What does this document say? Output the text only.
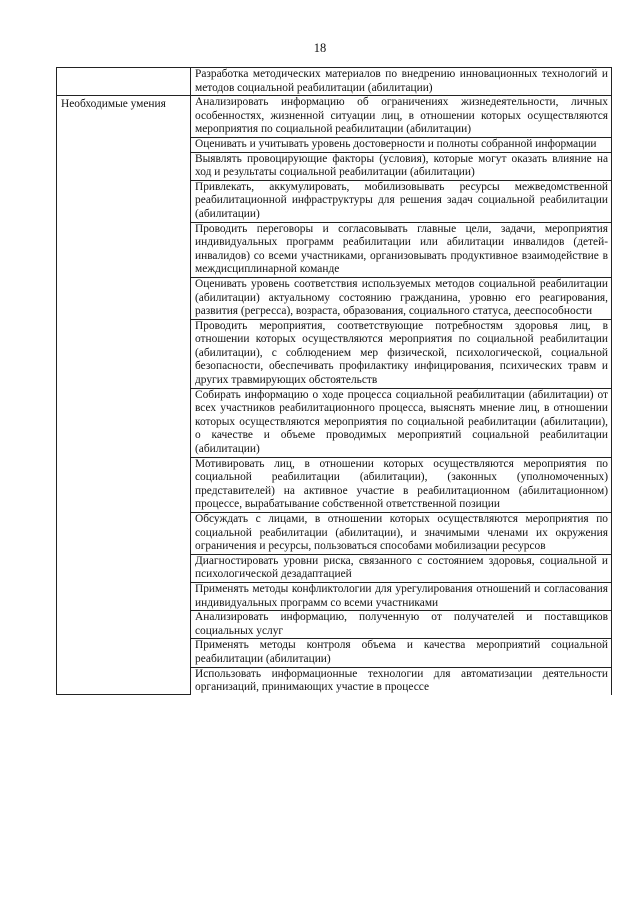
18
	Разработка методических материалов по внедрению инновационных технологий и методов социальной реабилитации (абилитации)
Необходимые умения	Анализировать информацию об ограничениях жизнедеятельности, личных особенностях, жизненной ситуации лиц, в отношении которых осуществляются мероприятия по социальной реабилитации (абилитации)
	Оценивать и учитывать уровень достоверности и полноты собранной информации
	Выявлять провоцирующие факторы (условия), которые могут оказать влияние на ход и результаты социальной реабилитации (абилитации)
	Привлекать, аккумулировать, мобилизовывать ресурсы межведомственной реабилитационной инфраструктуры для решения задач социальной реабилитации (абилитации)
	Проводить переговоры и согласовывать главные цели, задачи, мероприятия индивидуальных программ реабилитации или абилитации инвалидов (детей-инвалидов) со всеми участниками, организовывать продуктивное взаимодействие в междисциплинарной команде
	Оценивать уровень соответствия используемых методов социальной реабилитации (абилитации) актуальному состоянию гражданина, уровню его реагирования, развития (регресса), возраста, образования, социального статуса, дееспособности
	Проводить мероприятия, соответствующие потребностям здоровья лиц, в отношении которых осуществляются мероприятия по социальной реабилитации (абилитации), с соблюдением мер физической, психологической, социальной безопасности, обеспечивать профилактику инфицирования, психических травм и других травмирующих обстоятельств
	Собирать информацию о ходе процесса социальной реабилитации (абилитации) от всех участников реабилитационного процесса, выяснять мнение лиц, в отношении которых осуществляются мероприятия по социальной реабилитации (абилитации), о качестве и объеме проводимых мероприятий социальной реабилитации (абилитации)
	Мотивировать лиц, в отношении которых осуществляются мероприятия по социальной реабилитации (абилитации), (законных (уполномоченных) представителей) на активное участие в реабилитационном (абилитационном) процессе, вырабатывание собственной ответственной позиции
	Обсуждать с лицами, в отношении которых осуществляются мероприятия по социальной реабилитации (абилитации), и значимыми членами их окружения ограничения и ресурсы, пользоваться способами мобилизации ресурсов
	Диагностировать уровни риска, связанного с состоянием здоровья, социальной и психологической дезадаптацией
	Применять методы конфликтологии для урегулирования отношений и согласования индивидуальных программ со всеми участниками
	Анализировать информацию, полученную от получателей и поставщиков социальных услуг
	Применять методы контроля объема и качества мероприятий социальной реабилитации (абилитации)
	Использовать информационные технологии для автоматизации деятельности организаций, принимающих участие в процессе
